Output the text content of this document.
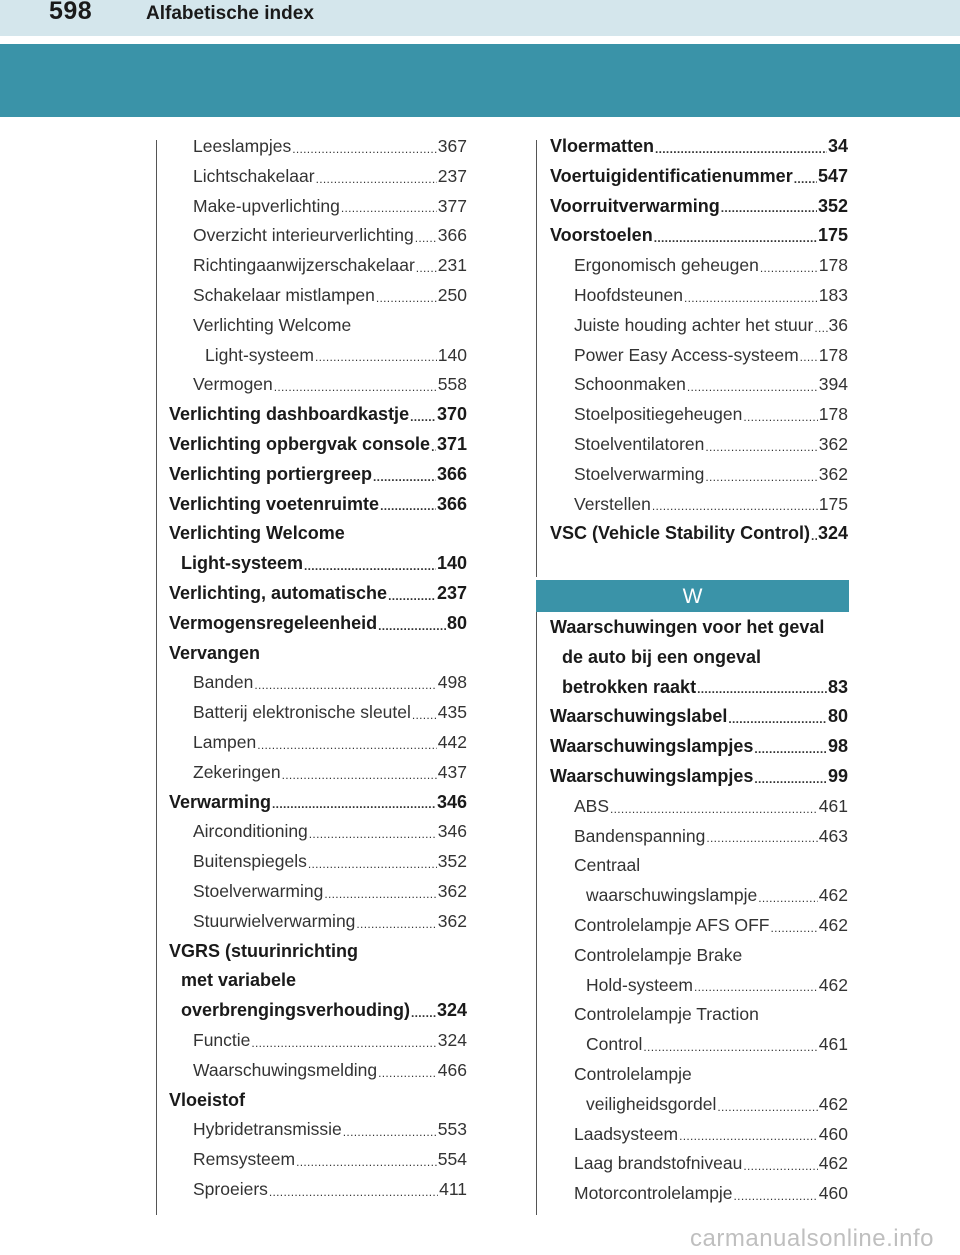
598	Alfabetische index
Leeslampjes .....	367
Lichtschakelaar .....	237
Make-upverlichting .....	377
Overzicht interieurverlichting ..... 366
Richtingaanwijzerschakelaar ..... 231
Schakelaar mistlampen .....	250
Verlichting Welcome
Light-systeem .....	140
Vermogen .....	558
Verlichting dashboardkastje ..... 370
Verlichting opbergvak console ..... 371
Verlichting portiergreep .....	366
Verlichting voetenruimte .....	366
Verlichting Welcome
Light-systeem .....	140
Verlichting, automatische .....	237
Vermogensregeleenheid .....	80
Vervangen
Banden .....	498
Batterij elektronische sleutel ..... 435
Lampen .....	442
Zekeringen .....	437
Verwarming .....	346
Airconditioning .....	346
Buitenspiegels .....	352
Stoelverwarming .....	362
Stuurwielverwarming .....	362
VGRS (stuurinrichting
met variabele
overbrengingsverhouding) ..... 324
Functie .....	324
Waarschuwingsmelding .....	466
Vloeistof
Hybridetransmissie .....	553
Remsysteem .....	554
Sproeiers .....	411
Vloermatten .....	34
Voertuigidentificatienummer ..... 547
Voorruitverwarming .....	352
Voorstoelen .....	175
Ergonomisch geheugen .....	178
Hoofdsteunen .....	183
Juiste houding achter het stuur ..... 36
Power Easy Access-systeem ..... 178
Schoonmaken .....	394
Stoelpositiegeheugen .....	178
Stoelventilatoren .....	362
Stoelverwarming .....	362
Verstellen .....	175
VSC (Vehicle Stability Control) ..... 324
W
Waarschuwingen voor het geval
de auto bij een ongeval
betrokken raakt .....	83
Waarschuwingslabel .....	80
Waarschuwingslampjes .....	98
Waarschuwingslampjes .....	99
ABS .....	461
Bandenspanning .....	463
Centraal
waarschuwingslampje .....	462
Controlelampje AFS OFF .....	462
Controlelampje Brake
Hold-systeem .....	462
Controlelampje Traction
Control .....	461
Controlelampje
veiligheidsgordel .....	462
Laadsysteem .....	460
Laag brandstofniveau .....	462
Motorcontrolelampje .....	460
carmanualsonline.info
